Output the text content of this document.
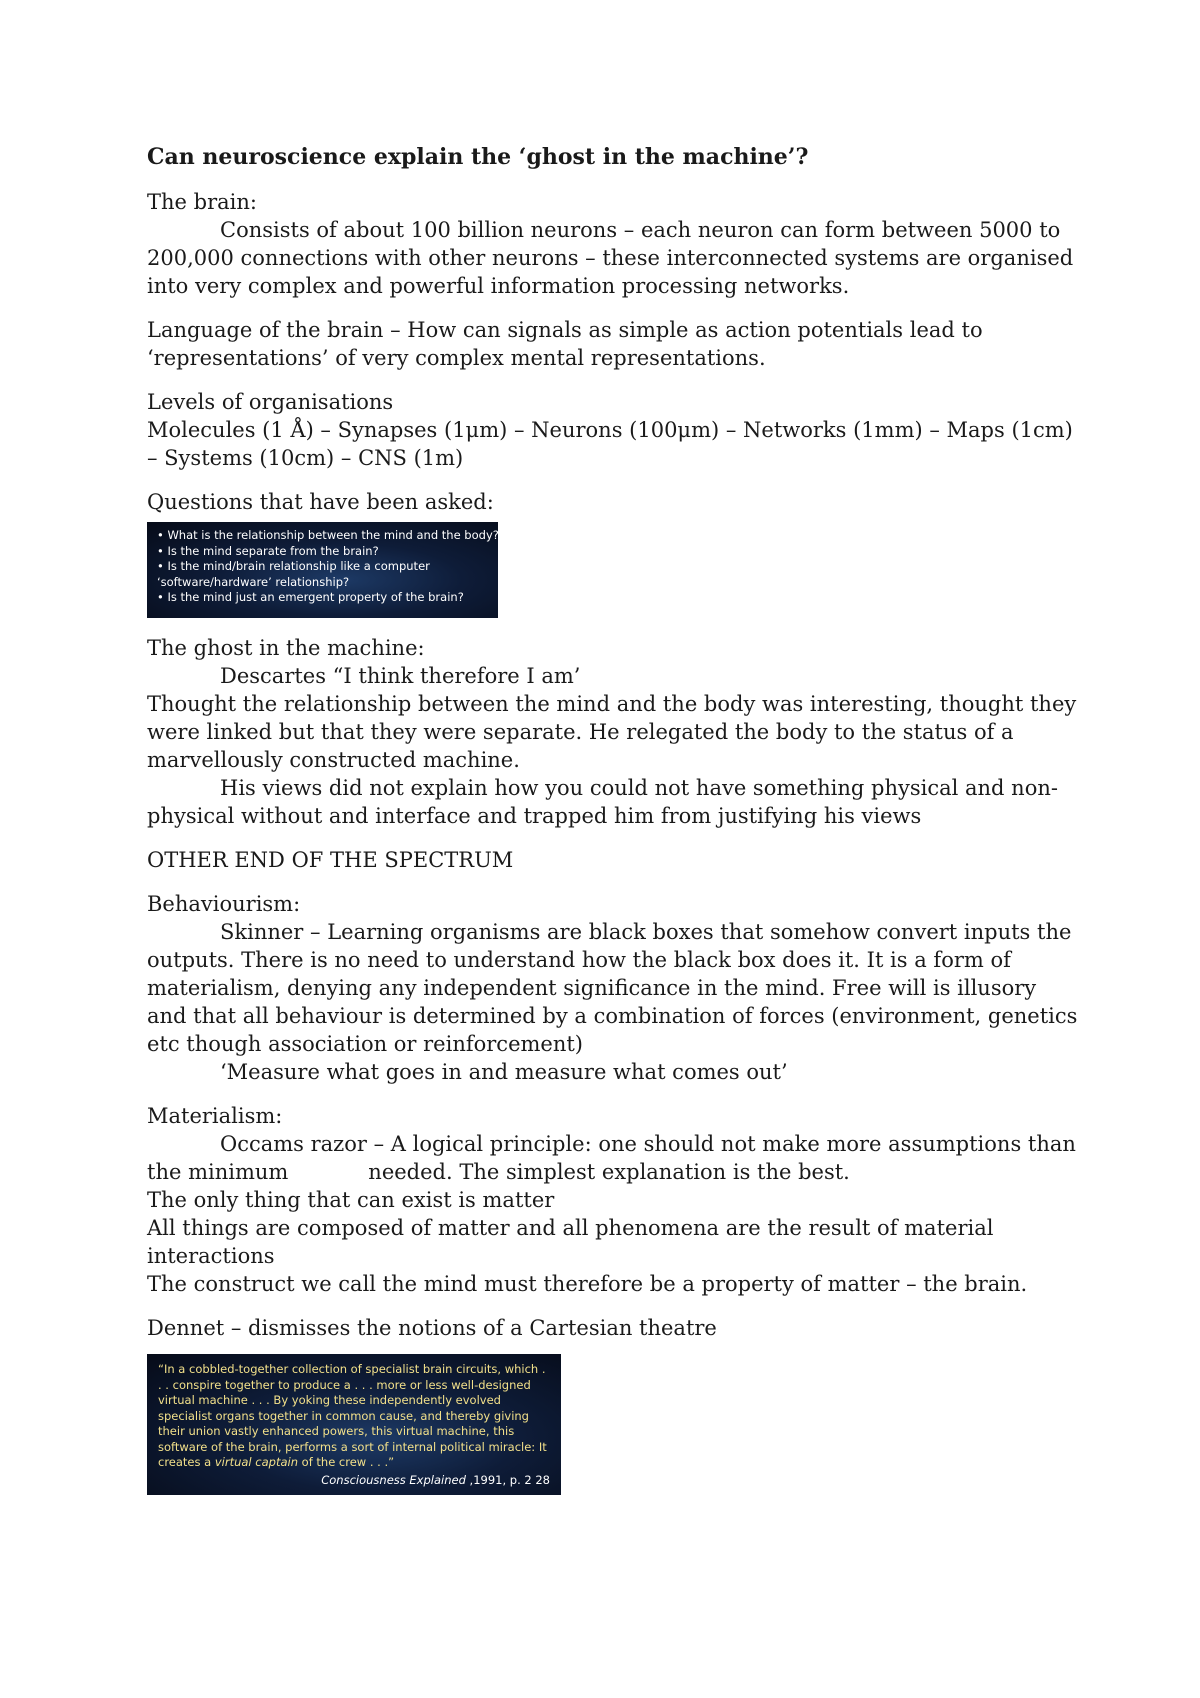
Can neuroscience explain the ‘ghost in the machine’?

The brain:

Consists of about 100 billion neurons – each neuron can form between 5000 to 200,000 connections with other neurons – these interconnected systems are organised into very complex and powerful information processing networks.

Language of the brain – How can signals as simple as action potentials lead to ‘representations’ of very complex mental representations.

Levels of organisations

Molecules (1 Å) – Synapses (1μm) – Neurons (100μm) – Networks (1mm) – Maps (1cm) – Systems (10cm) – CNS (1m)

Questions that have been asked:

• What is the relationship between the mind and the body?
• Is the mind separate from the brain?
• Is the mind/brain relationship like a computer
‘software/hardware’ relationship?
• Is the mind just an emergent property of the brain?

The ghost in the machine:

Descartes “I think therefore I am’

Thought the relationship between the mind and the body was interesting, thought they were linked but that they were separate. He relegated the body to the status of a marvellously constructed machine.

His views did not explain how you could not have something physical and non-physical without and interface and trapped him from justifying his views

OTHER END OF THE SPECTRUM

Behaviourism:

Skinner – Learning organisms are black boxes that somehow convert inputs the outputs. There is no need to understand how the black box does it. It is a form of materialism, denying any independent significance in the mind. Free will is illusory and that all behaviour is determined by a combination of forces (environment, genetics etc though association or reinforcement)

‘Measure what goes in and measure what comes out’

Materialism:

Occams razor – A logical principle: one should not make more assumptions than the minimum	needed. The simplest explanation is the best.

The only thing that can exist is matter

All things are composed of matter and all phenomena are the result of material interactions

The construct we call the mind must therefore be a property of matter – the brain.

Dennet – dismisses the notions of a Cartesian theatre

“In a cobbled-together collection of specialist brain circuits, which . . . conspire together to produce a . . . more or less well-designed virtual machine . . . By yoking these independently evolved specialist organs together in common cause, and thereby giving their union vastly enhanced powers, this virtual machine, this software of the brain, performs a sort of internal political miracle: It creates a virtual captain of the crew . . .”
Consciousness Explained ,1991, p. 2 28
